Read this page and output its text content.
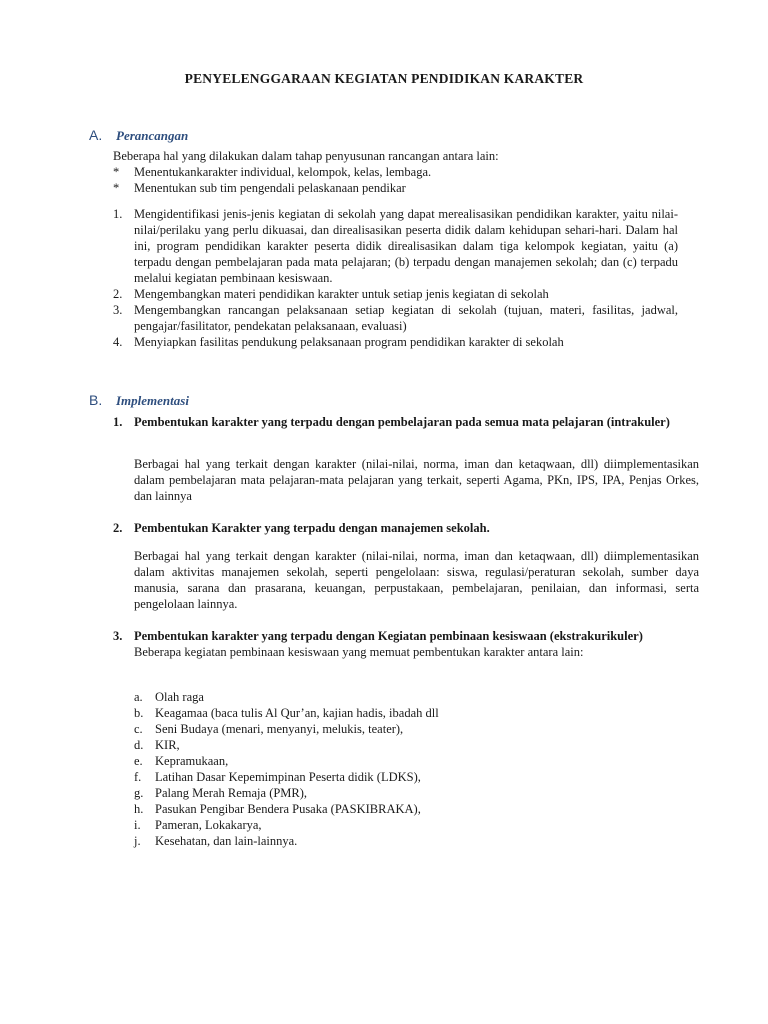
PENYELENGGARAAN KEGIATAN PENDIDIKAN KARAKTER
A.	Perancangan
Beberapa hal yang dilakukan dalam tahap penyusunan rancangan antara lain:
*	Menentukankarakter individual, kelompok, kelas, lembaga.
*	Menentukan sub tim pengendali pelaskanaan pendikar
1. Mengidentifikasi jenis-jenis kegiatan di sekolah yang dapat merealisasikan pendidikan karakter, yaitu nilai-nilai/perilaku yang perlu dikuasai, dan direalisasikan peserta didik dalam kehidupan sehari-hari. Dalam hal ini, program pendidikan karakter peserta didik direalisasikan dalam tiga kelompok kegiatan, yaitu (a) terpadu dengan pembelajaran pada mata pelajaran; (b) terpadu dengan manajemen sekolah; dan (c) terpadu melalui kegiatan pembinaan kesiswaan.
2. Mengembangkan materi pendidikan karakter untuk setiap jenis kegiatan di sekolah
3. Mengembangkan rancangan pelaksanaan setiap kegiatan di sekolah (tujuan, materi, fasilitas, jadwal, pengajar/fasilitator, pendekatan pelaksanaan, evaluasi)
4. Menyiapkan fasilitas pendukung pelaksanaan program pendidikan karakter di sekolah
B.	Implementasi
1. Pembentukan karakter yang terpadu dengan pembelajaran pada semua mata pelajaran (intrakuler)
Berbagai hal yang terkait dengan karakter (nilai-nilai, norma, iman dan ketaqwaan, dll) diimplementasikan dalam pembelajaran mata pelajaran-mata pelajaran yang terkait, seperti Agama, PKn, IPS, IPA, Penjas Orkes, dan lainnya
2. Pembentukan Karakter yang terpadu dengan manajemen sekolah.
Berbagai hal yang terkait dengan karakter (nilai-nilai, norma, iman dan ketaqwaan, dll) diimplementasikan dalam aktivitas manajemen sekolah, seperti pengelolaan: siswa, regulasi/peraturan sekolah, sumber daya manusia, sarana dan prasarana, keuangan, perpustakaan, pembelajaran, penilaian, dan informasi, serta pengelolaan lainnya.
3. Pembentukan karakter yang terpadu dengan Kegiatan pembinaan kesiswaan (ekstrakurikuler)
Beberapa kegiatan pembinaan kesiswaan yang memuat pembentukan karakter antara lain:
a. Olah raga
b. Keagamaa (baca tulis Al Qur’an, kajian hadis, ibadah dll
c. Seni Budaya (menari, menyanyi, melukis, teater),
d. KIR,
e. Kepramukaan,
f.	Latihan Dasar Kepemimpinan Peserta didik (LDKS),
g. Palang Merah Remaja (PMR),
h. Pasukan Pengibar Bendera Pusaka (PASKIBRAKA),
i.	Pameran, Lokakarya,
j.	Kesehatan, dan lain-lainnya.
